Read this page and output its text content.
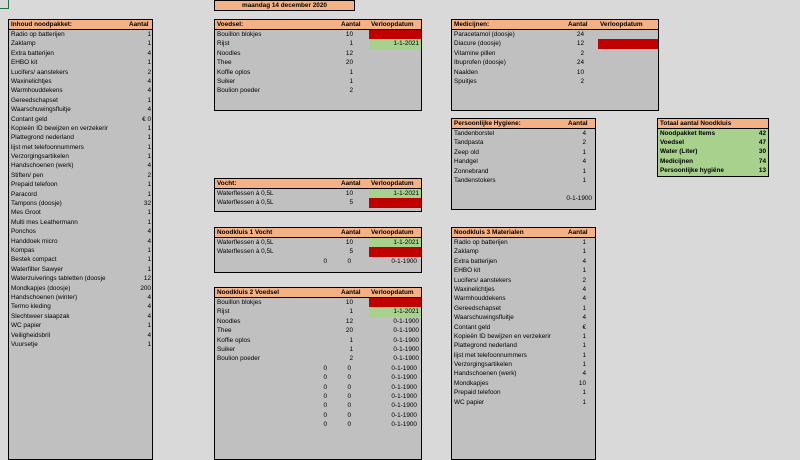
maandag 14 december 2020
Inhoud noodpakket:	Aantal
Radio op batterijen	1
Zaklamp	1
Extra batterijen	4
EHBO kit	1
Lucifers/ aanstekers	2
Waxinelichtjes	4
Warmhouddekens	4
Gereedschapset	1
Waarschuwingsfluitje	4
Contant geld	€ 0
Kopieën ID bewijzen en verzekerir	1
Plattegrond nederland	1
lijst met telefoonnummers	1
Verzorgingsartikelen	1
Handschoenen (werk)	4
Stiften/ pen	2
Prepaid telefoon	1
Paracord	1
Tampons (doosje)	32
Mes Groot	1
Multi mes Leathermann	1
Ponchos	4
Handdoek micro	4
Kompas	1
Bestek compact	1
Waterfilter Sawyer	1
Waterzuiverings tabletten (doosje	12
Mondkapjes (doosje)	200
Handschoenen (winter)	4
Termo kleding	4
Slechtweer slaapzak	4
WC papier	1
Veiligheidsbril	4
Vuursetje	1
Voedsel:	Aantal	Verloopdatum
Bouillon blokjes	10	1-1-2020
Rijst	1	1-1-2021
Noodles	12
Thee	20
Koffie oplos	1
Suiker	1
Boulion poeder	2
Vocht:	Aantal	Verloopdatum
Waterflessen à 0,5L	10	1-1-2021
Waterflessen à 0,5L	5	1-1-2020
Noodkluis 1 Vocht	Aantal	Verloopdatum
Waterflessen à 0,5L	10	1-1-2021
Waterflessen à 0,5L	5	1-1-2020
0	0	0-1-1900
Noodkluis 2 Voedsel	Aantal	Verloopdatum
Bouillon blokjes	10	1-1-2020
Rijst	1	1-1-2021
Noodles	12	0-1-1900
Thee	20	0-1-1900
Koffie oplos	1	0-1-1900
Suiker	1	0-1-1900
Boulion poeder	2	0-1-1900
0	0	0-1-1900
0	0	0-1-1900
0	0	0-1-1900
0	0	0-1-1900
0	0	0-1-1900
0	0	0-1-1900
0	0	0-1-1900
Medicijnen:	Aantal	Verloopdatum
Paracetamol (doosje)	24
Diacure (doosje)	12	1-1-2020
Vitamine pillen	2
Ibuprofen (doosje)	24
Naalden	10
Spuitjes	2
Persoonlijke Hygiene:	Aantal
Tandenborstel	4
Tandpasta	2
Zeep old	1
Handgel	4
Zonnebrand	1
Tandenstokers	1
0-1-1900
Noodkluis 3 Materialen	Aantal
Radio op batterijen	1
Zaklamp	1
Extra batterijen	4
EHBO kit	1
Lucifers/ aanstekers	2
Waxinelichtjes	4
Warmhouddekens	4
Gereedschapset	1
Waarschuwingsfluitje	4
Contant geld	€
Kopieën ID bewijzen en verzekerir	1
Plattegrond nederland	1
lijst met telefoonnummers	1
Verzorgingsartikelen	1
Handschoenen (werk)	4
Mondkapjes	10
Prepaid telefoon	1
WC papier	1
Totaal aantal Noodkluis
Noodpakket Items	42
Voedsel	47
Water (Liter)	30
Medicijnen	74
Persoonlijke hygiëne	13
